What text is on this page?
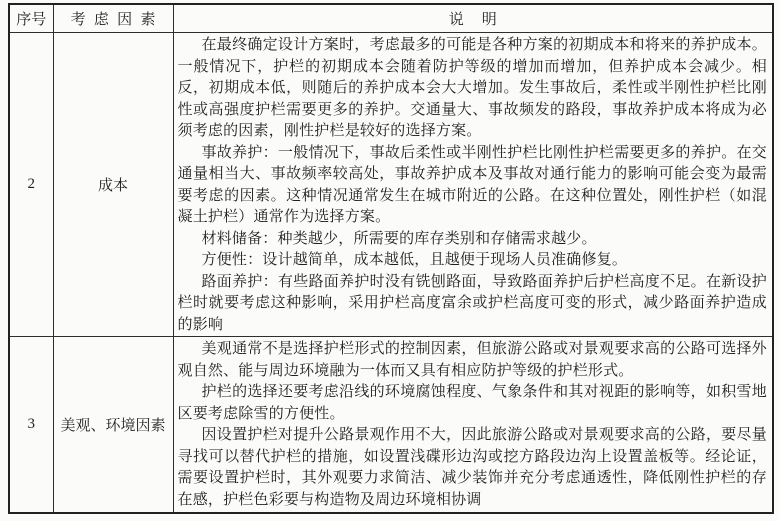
序号	考虑因素	说明
2	成本	在最终确定设计方案时，考虑最多的可能是各种方案的初期成本和将来的养护成本。一般情况下，护栏的初期成本会随着防护等级的增加而增加，但养护成本会减少。相反，初期成本低，则随后的养护成本会大大增加。发生事故后，柔性或半刚性护栏比刚性或高强度护栏需要更多的养护。交通量大、事故频发的路段，事故养护成本将成为必须考虑的因素，刚性护栏是较好的选择方案。

事故养护：一般情况下，事故后柔性或半刚性护栏比刚性护栏需要更多的养护。在交通量相当大、事故频率较高处，事故养护成本及事故对通行能力的影响可能会变为最需要考虑的因素。这种情况通常发生在城市附近的公路。在这种位置处，刚性护栏（如混凝土护栏）通常作为选择方案。

材料储备：种类越少，所需要的库存类别和存储需求越少。

方便性：设计越简单，成本越低，且越便于现场人员准确修复。

路面养护：有些路面养护时没有铣刨路面，导致路面养护后护栏高度不足。在新设护栏时就要考虑这种影响，采用护栏高度富余或护栏高度可变的形式，减少路面养护造成的影响

3	美观、环境因素	美观通常不是选择护栏形式的控制因素，但旅游公路或对景观要求高的公路可选择外观自然、能与周边环境融为一体而又具有相应防护等级的护栏形式。

护栏的选择还要考虑沿线的环境腐蚀程度、气象条件和其对视距的影响等，如积雪地区要考虑除雪的方便性。

因设置护栏对提升公路景观作用不大，因此旅游公路或对景观要求高的公路，要尽量寻找可以替代护栏的措施，如设置浅碟形边沟或挖方路段边沟上设置盖板等。经论证，需要设置护栏时，其外观要力求简洁、减少装饰并充分考虑通透性，降低刚性护栏的存在感，护栏色彩要与构造物及周边环境相协调
